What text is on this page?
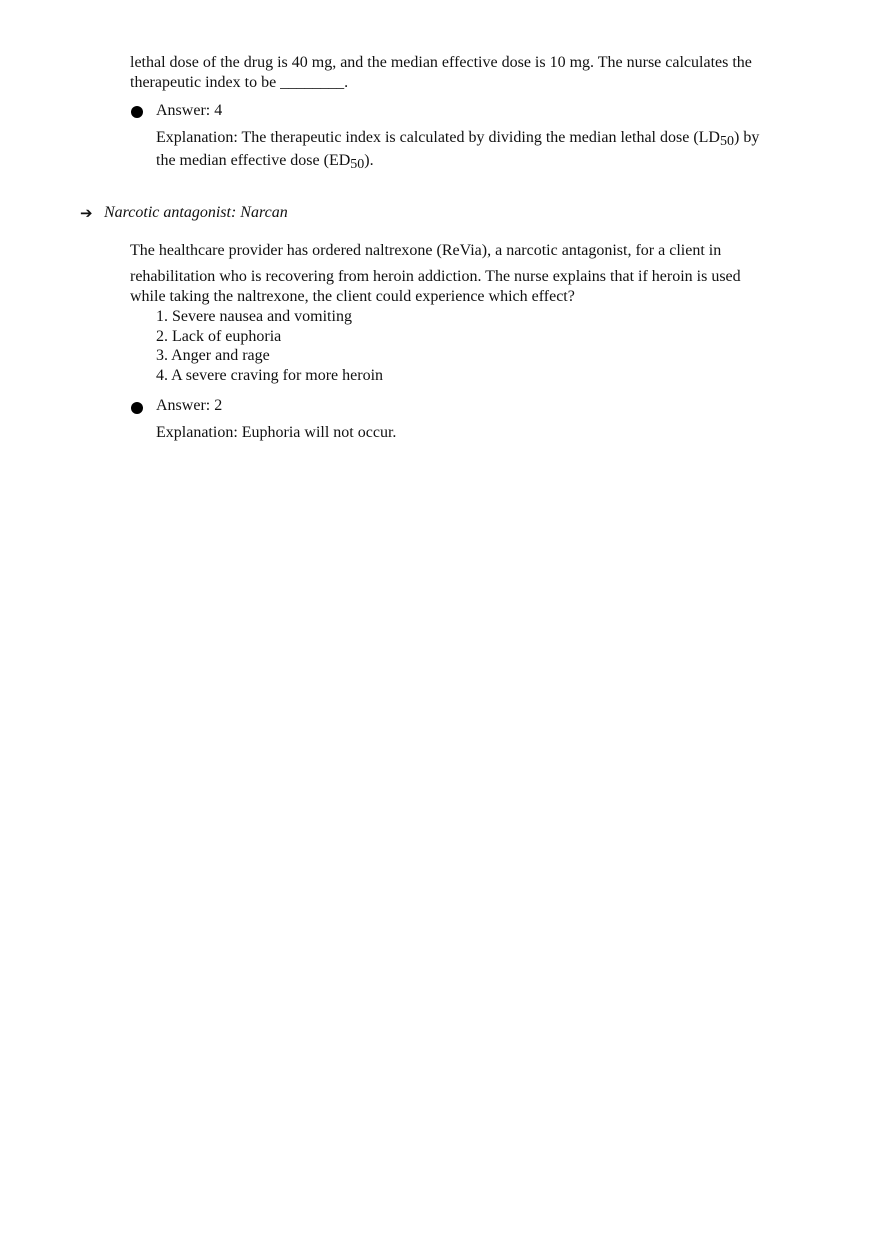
lethal dose of the drug is 40 mg, and the median effective dose is 10 mg. The nurse calculates the
therapeutic index to be ________.
Answer: 4
Explanation: The therapeutic index is calculated by dividing the median lethal dose (LD50) by
the median effective dose (ED50).
➔ Narcotic antagonist: Narcan
The healthcare provider has ordered naltrexone (ReVia), a narcotic antagonist, for a client in
rehabilitation who is recovering from heroin addiction. The nurse explains that if heroin is used
while taking the naltrexone, the client could experience which effect?
1. Severe nausea and vomiting
2. Lack of euphoria
3. Anger and rage
4. A severe craving for more heroin
Answer: 2
Explanation: Euphoria will not occur.
